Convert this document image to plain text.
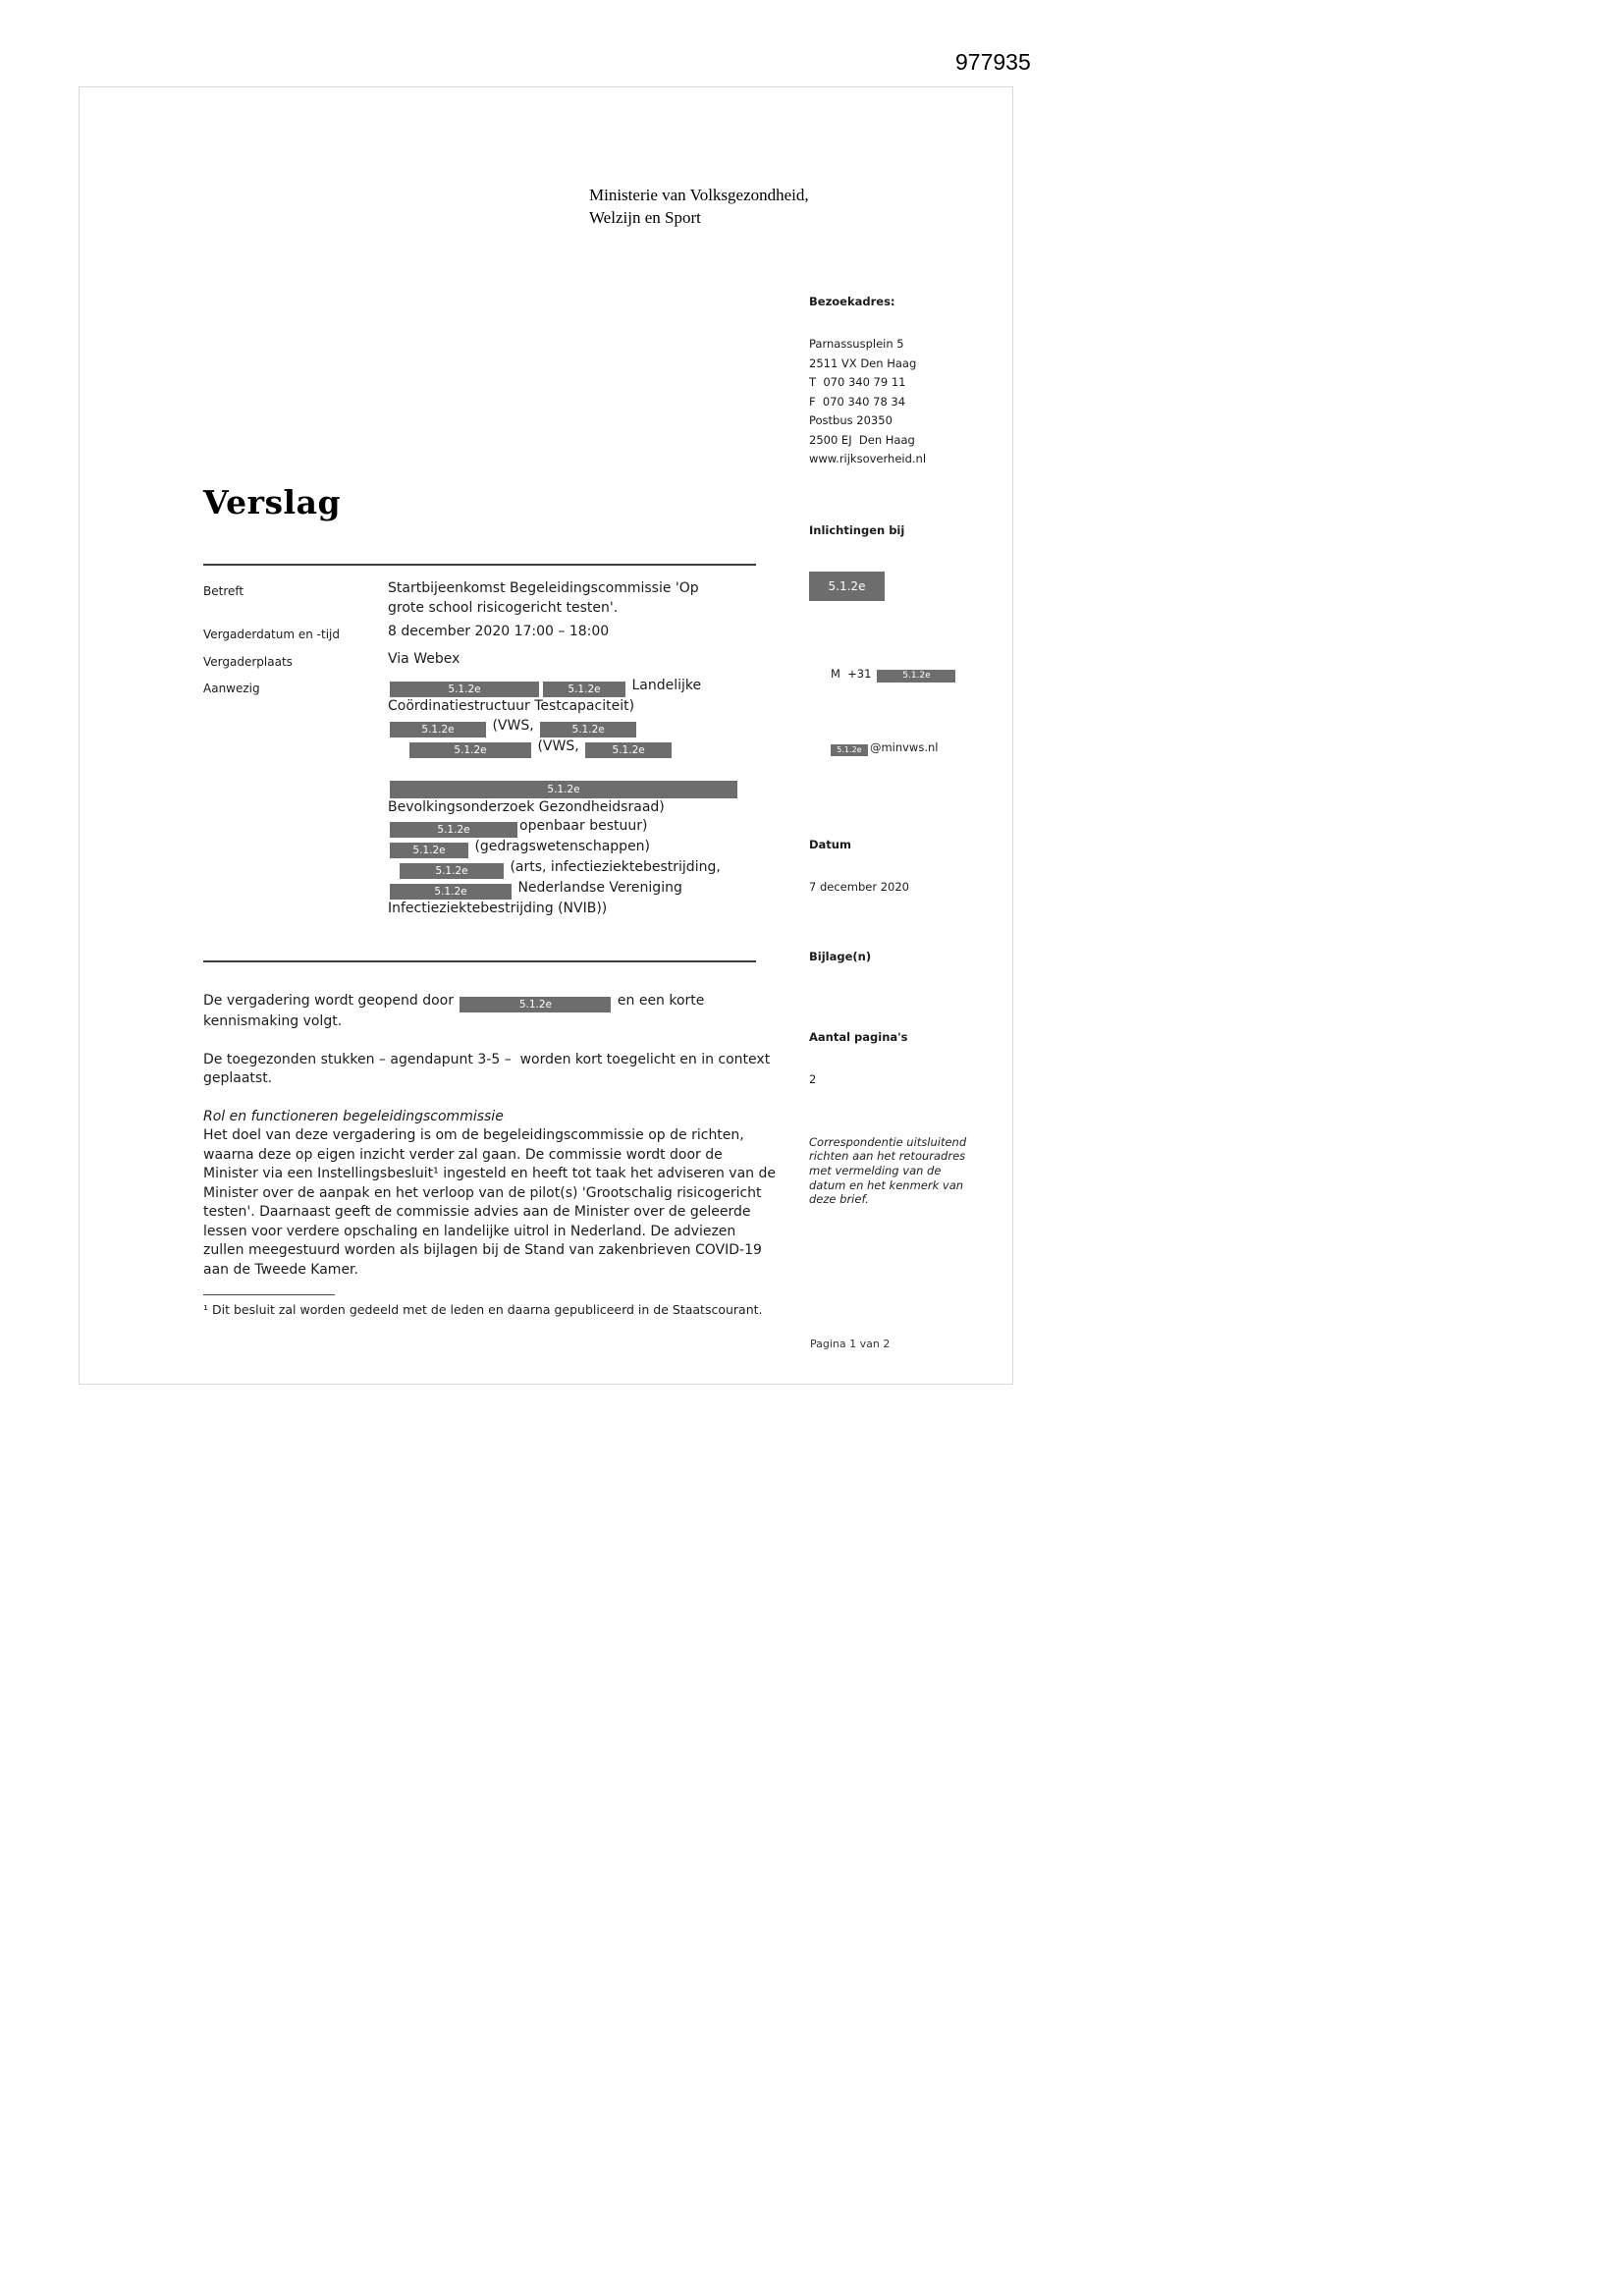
977935
Ministerie van Volksgezondheid,
Welzijn en Sport

Bezoekadres:

Parnassusplein 5
2511 VX Den Haag
T  070 340 79 11
F  070 340 78 34
Postbus 20350
2500 EJ  Den Haag
www.rijksoverheid.nl

Inlichtingen bij

5.1.2e

M  +31	5.1.2e

5.1.2e @minvws.nl

Datum

7 december 2020

Bijlage(n)

Aantal pagina's

2

Correspondentie uitsluitend richten aan het retouradres met vermelding van de datum en het kenmerk van deze brief.

Verslag
Betreft	Startbijeenkomst Begeleidingscommissie 'Op
grote school risicogericht testen'.
Vergaderdatum en -tijd	8 december 2020 17:00 – 18:00
Vergaderplaats	Via Webex
Aanwezig	5.1.2e	5.1.2e Landelijke
Coördinatiestructuur Testcapaciteit)
5.1.2e (VWS,	5.1.2e
5.1.2e	(VWS,	5.1.2e
5.1.2e
Bevolkingsonderzoek Gezondheidsraad)
5.1.2e	openbaar bestuur)
5.1.2e (gedragswetenschappen)
5.1.2e	(arts, infectieziektebestrijding,
5.1.2e	Nederlandse Vereniging
Infectieziektebestrijding (NVIB))

De vergadering wordt geopend door	5.1.2e	en een korte
kennismaking volgt.

De toegezonden stukken – agendapunt 3-5 –  worden kort toegelicht en in context
geplaatst.

Rol en functioneren begeleidingscommissie

Het doel van deze vergadering is om de begeleidingscommissie op de richten,
waarna deze op eigen inzicht verder zal gaan. De commissie wordt door de
Minister via een Instellingsbesluit¹ ingesteld en heeft tot taak het adviseren van de
Minister over de aanpak en het verloop van de pilot(s) 'Grootschalig risicogericht
testen'. Daarnaast geeft de commissie advies aan de Minister over de geleerde
lessen voor verdere opschaling en landelijke uitrol in Nederland. De adviezen
zullen meegestuurd worden als bijlagen bij de Stand van zakenbrieven COVID-19
aan de Tweede Kamer.
¹ Dit besluit zal worden gedeeld met de leden en daarna gepubliceerd in de Staatscourant.
Pagina 1 van 2
